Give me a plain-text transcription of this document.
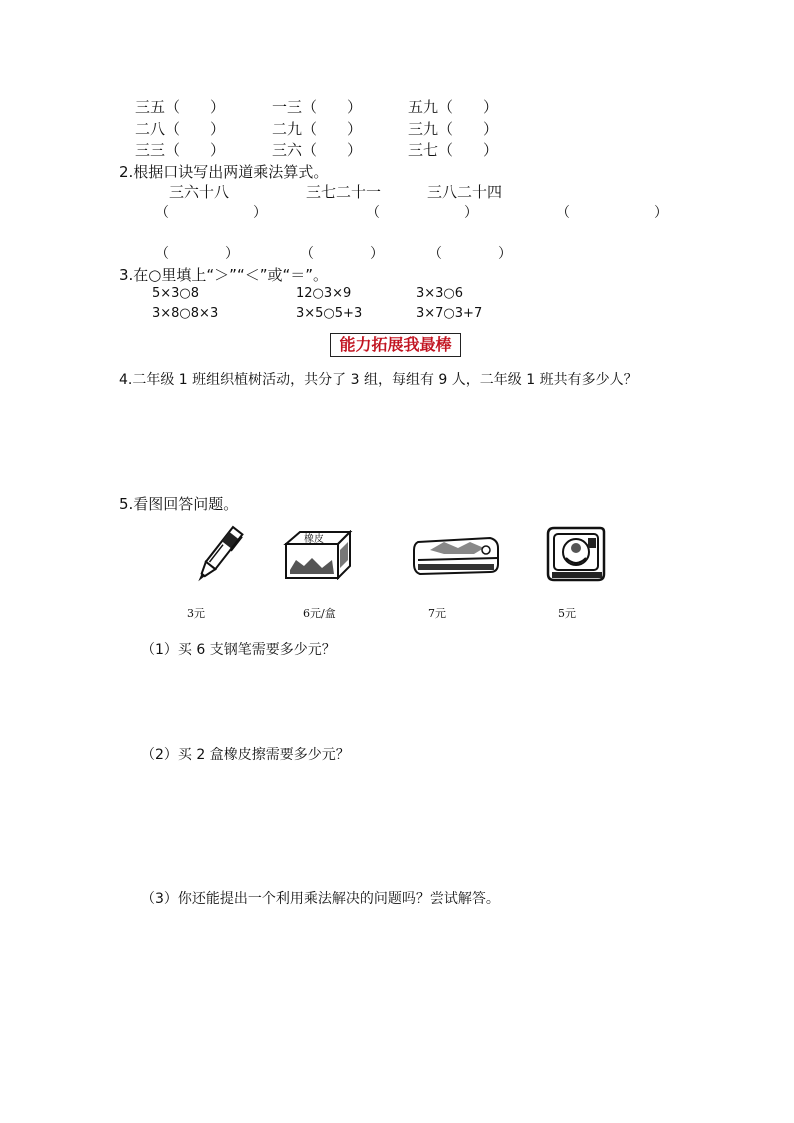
三五（　　）	一三（　　）	五九（　　）
二八（　　）	二九（　　）	三九（　　）
三三（　　）	三六（　　）	三七（　　）
2.根据口诀写出两道乘法算式。
三六十八	三七二十一	三八二十四
（　　　　　　）	（　　　　　　）	（　　　　　　）
（　　　　）	（　　　　）	（　　　　）
3.在○里填上“＞”“＜”或“＝”。
5×3○8	12○3×9	3×3○6
3×8○8×3	3×5○5+3	3×7○3+7
能力拓展我最棒
4.二年级 1 班组织植树活动，共分了 3 组，每组有 9 人，二年级 1 班共有多少人？
5.看图回答问题。
橡皮
3元	6元/盒	7元	5元
（1）买 6 支钢笔需要多少元？
（2）买 2 盒橡皮擦需要多少元？
（3）你还能提出一个利用乘法解决的问题吗？尝试解答。
